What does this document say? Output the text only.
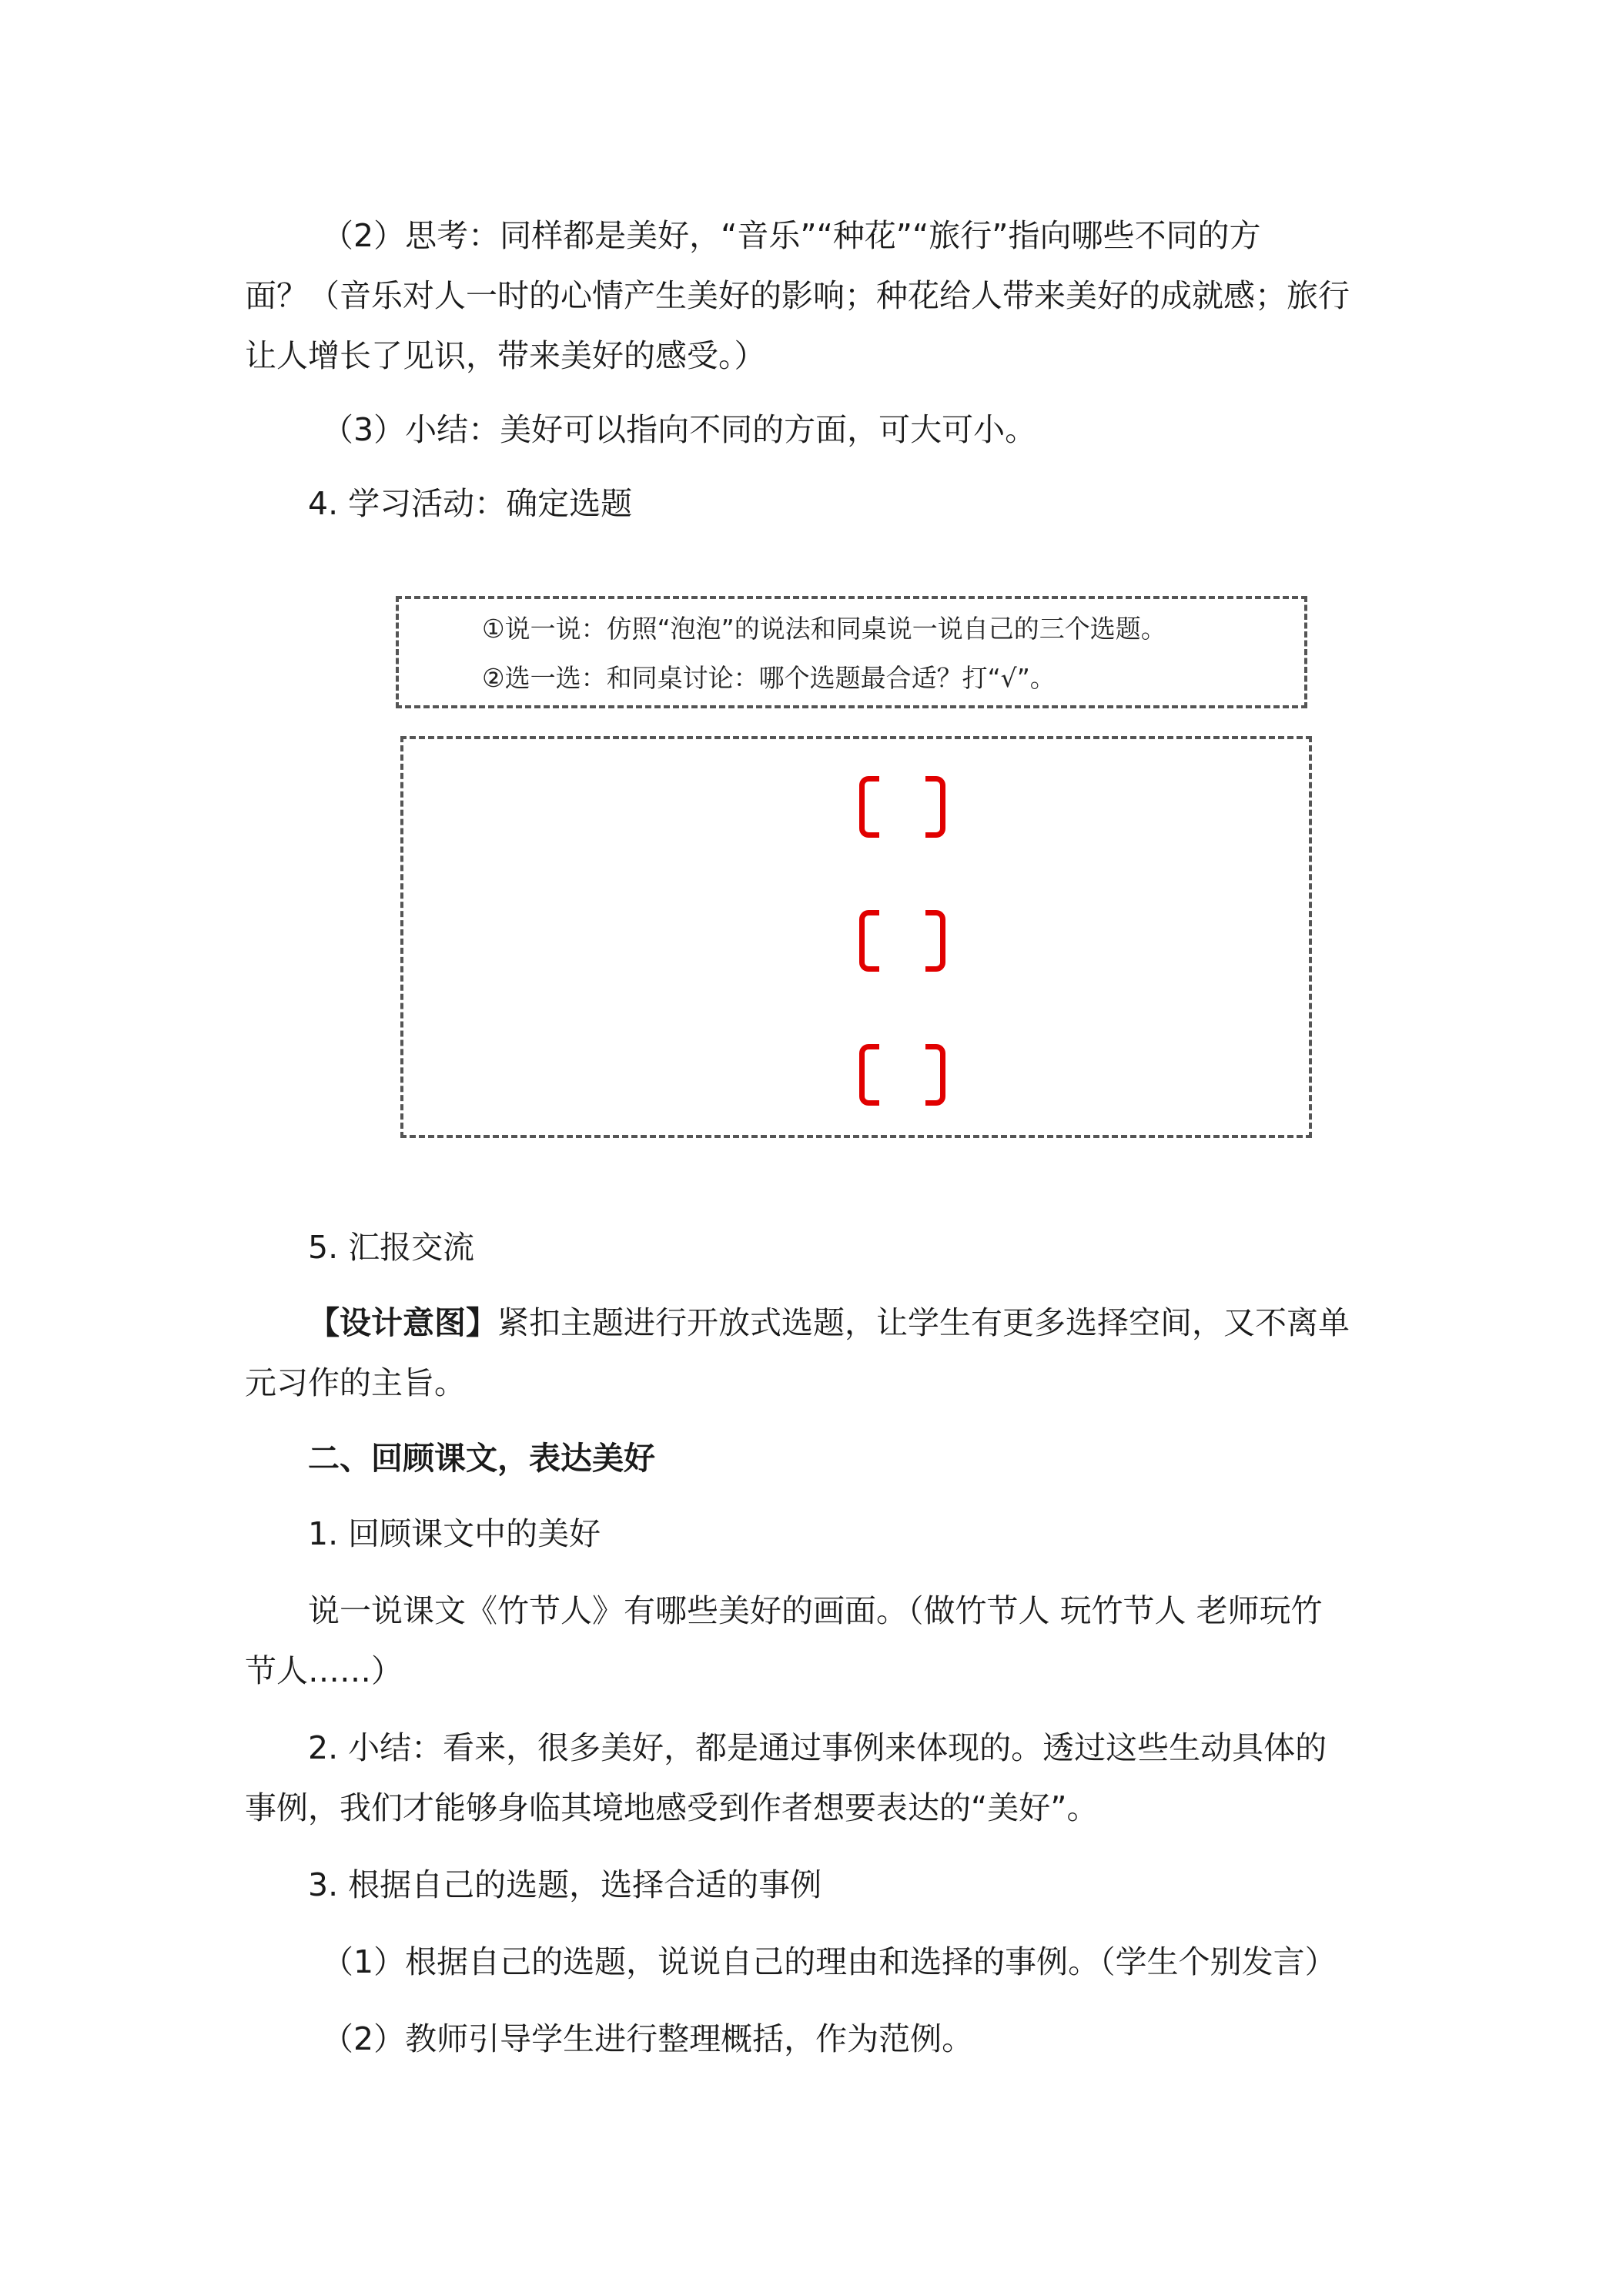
（2）思考：同样都是美好，“音乐”“种花”“旅行”指向哪些不同的方
面？（音乐对人一时的心情产生美好的影响；种花给人带来美好的成就感；旅行
让人增长了见识，带来美好的感受。）
（3）小结：美好可以指向不同的方面，可大可小。
4. 学习活动：确定选题
①说一说：仿照“泡泡”的说法和同桌说一说自己的三个选题。
②选一选：和同桌讨论：哪个选题最合适？打“√”。
5. 汇报交流
【设计意图】紧扣主题进行开放式选题，让学生有更多选择空间，又不离单
元习作的主旨。
二、回顾课文，表达美好
1. 回顾课文中的美好
说一说课文《竹节人》有哪些美好的画面。（做竹节人 玩竹节人 老师玩竹
节人……）
2. 小结：看来，很多美好，都是通过事例来体现的。透过这些生动具体的
事例，我们才能够身临其境地感受到作者想要表达的“美好”。
3. 根据自己的选题，选择合适的事例
（1）根据自己的选题，说说自己的理由和选择的事例。（学生个别发言）
（2）教师引导学生进行整理概括，作为范例。
